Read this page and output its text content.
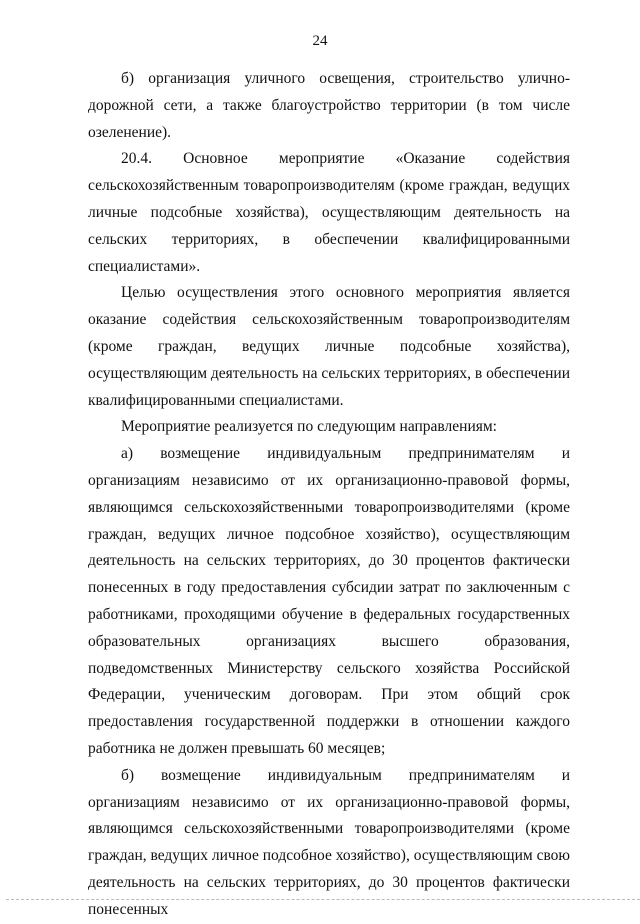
24

б) организация уличного освещения, строительство улично-дорожной сети, а также благоустройство территории (в том числе озеленение).

20.4. Основное мероприятие «Оказание содействия сельскохозяйственным товаропроизводителям (кроме граждан, ведущих личные подсобные хозяйства), осуществляющим деятельность на сельских территориях, в обеспечении квалифицированными специалистами».

Целью осуществления этого основного мероприятия является оказание содействия сельскохозяйственным товаропроизводителям (кроме граждан, ведущих личные подсобные хозяйства), осуществляющим деятельность на сельских территориях, в обеспечении квалифицированными специалистами.

Мероприятие реализуется по следующим направлениям:

а) возмещение индивидуальным предпринимателям и организациям независимо от их организационно-правовой формы, являющимся сельскохозяйственными товаропроизводителями (кроме граждан, ведущих личное подсобное хозяйство), осуществляющим деятельность на сельских территориях, до 30 процентов фактически понесенных в году предоставления субсидии затрат по заключенным с работниками, проходящими обучение в федеральных государственных образовательных организациях высшего образования, подведомственных Министерству сельского хозяйства Российской Федерации, ученическим договорам. При этом общий срок предоставления государственной поддержки в отношении каждого работника не должен превышать 60 месяцев;

б) возмещение индивидуальным предпринимателям и организациям независимо от их организационно-правовой формы, являющимся сельскохозяйственными товаропроизводителями (кроме граждан, ведущих личное подсобное хозяйство), осуществляющим свою деятельность на сельских территориях, до 30 процентов фактически понесенных
